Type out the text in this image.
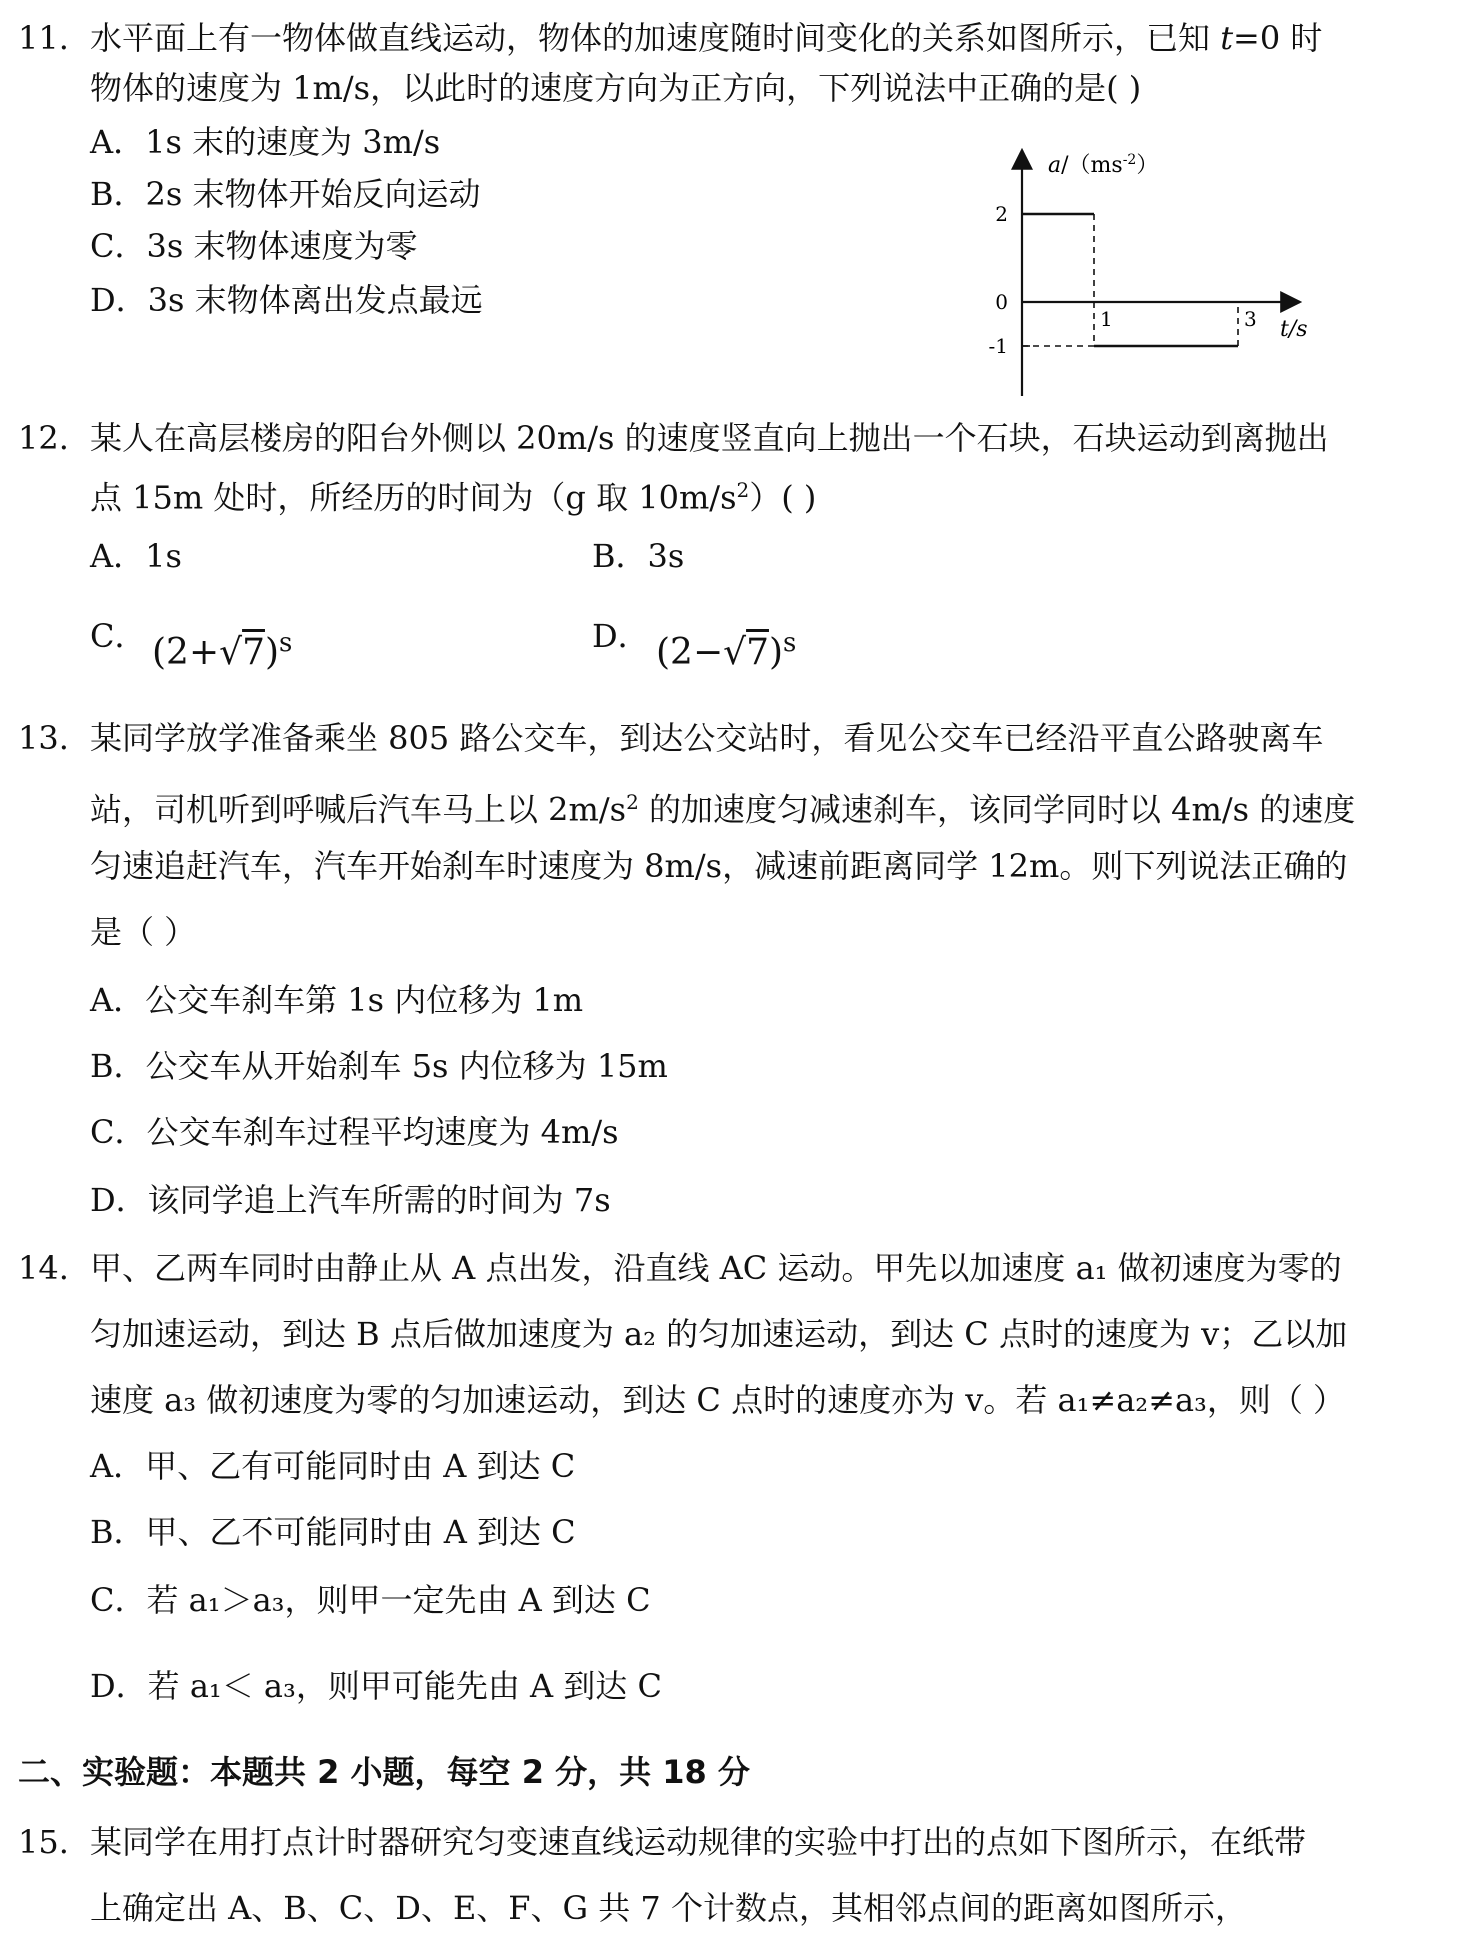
11. 水平面上有一物体做直线运动，物体的加速度随时间变化的关系如图所示，已知 t=0 时
物体的速度为 1m/s，以此时的速度方向为正方向，下列说法中正确的是( )
A．1s 末的速度为 3m/s
B．2s 末物体开始反向运动
C．3s 末物体速度为零
D．3s 末物体离出发点最远
$a/(ms^{-2})$
t/s
2
0
-1
1	3
12. 某人在高层楼房的阳台外侧以 20m/s 的速度竖直向上抛出一个石块，石块运动到离抛出
点 15m 处时，所经历的时间为（g 取 $10m/s^2$）( )
A．1s	B．3s
C． $(2+√7)^s$	D． $(2-√7)^s$
13. 某同学放学准备乘坐 805 路公交车，到达公交站时，看见公交车已经沿平直公路驶离车
站，司机听到呼喊后汽车马上以 $2m/s^2$ 的加速度匀减速刹车，该同学同时以 4m/s 的速度
匀速追赶汽车，汽车开始刹车时速度为 8m/s，减速前距离同学 12m。则下列说法正确的
是（ ）
A．公交车刹车第 1s 内位移为 1m
B．公交车从开始刹车 5s 内位移为 15m
C．公交车刹车过程平均速度为 4m/s
D．该同学追上汽车所需的时间为 7s
14. 甲、乙两车同时由静止从 A 点出发，沿直线 AC 运动。甲先以加速度 a₁ 做初速度为零的
匀加速运动，到达 B 点后做加速度为 a₂ 的匀加速运动，到达 C 点时的速度为 v；乙以加
速度 a₃ 做初速度为零的匀加速运动，到达 C 点时的速度亦为 v。若 a₁≠a₂≠a₃，则（ ）
A．甲、乙有可能同时由 A 到达 C
B．甲、乙不可能同时由 A 到达 C
C．若 a₁＞a₃，则甲一定先由 A 到达 C
D．若 a₁＜ a₃，则甲可能先由 A 到达 C
二、实验题：本题共 2 小题，每空 2 分，共 18 分
15. 某同学在用打点计时器研究匀变速直线运动规律的实验中打出的点如下图所示，在纸带
上确定出 A、B、C、D、E、F、G 共 7 个计数点，其相邻点间的距离如图所示，
